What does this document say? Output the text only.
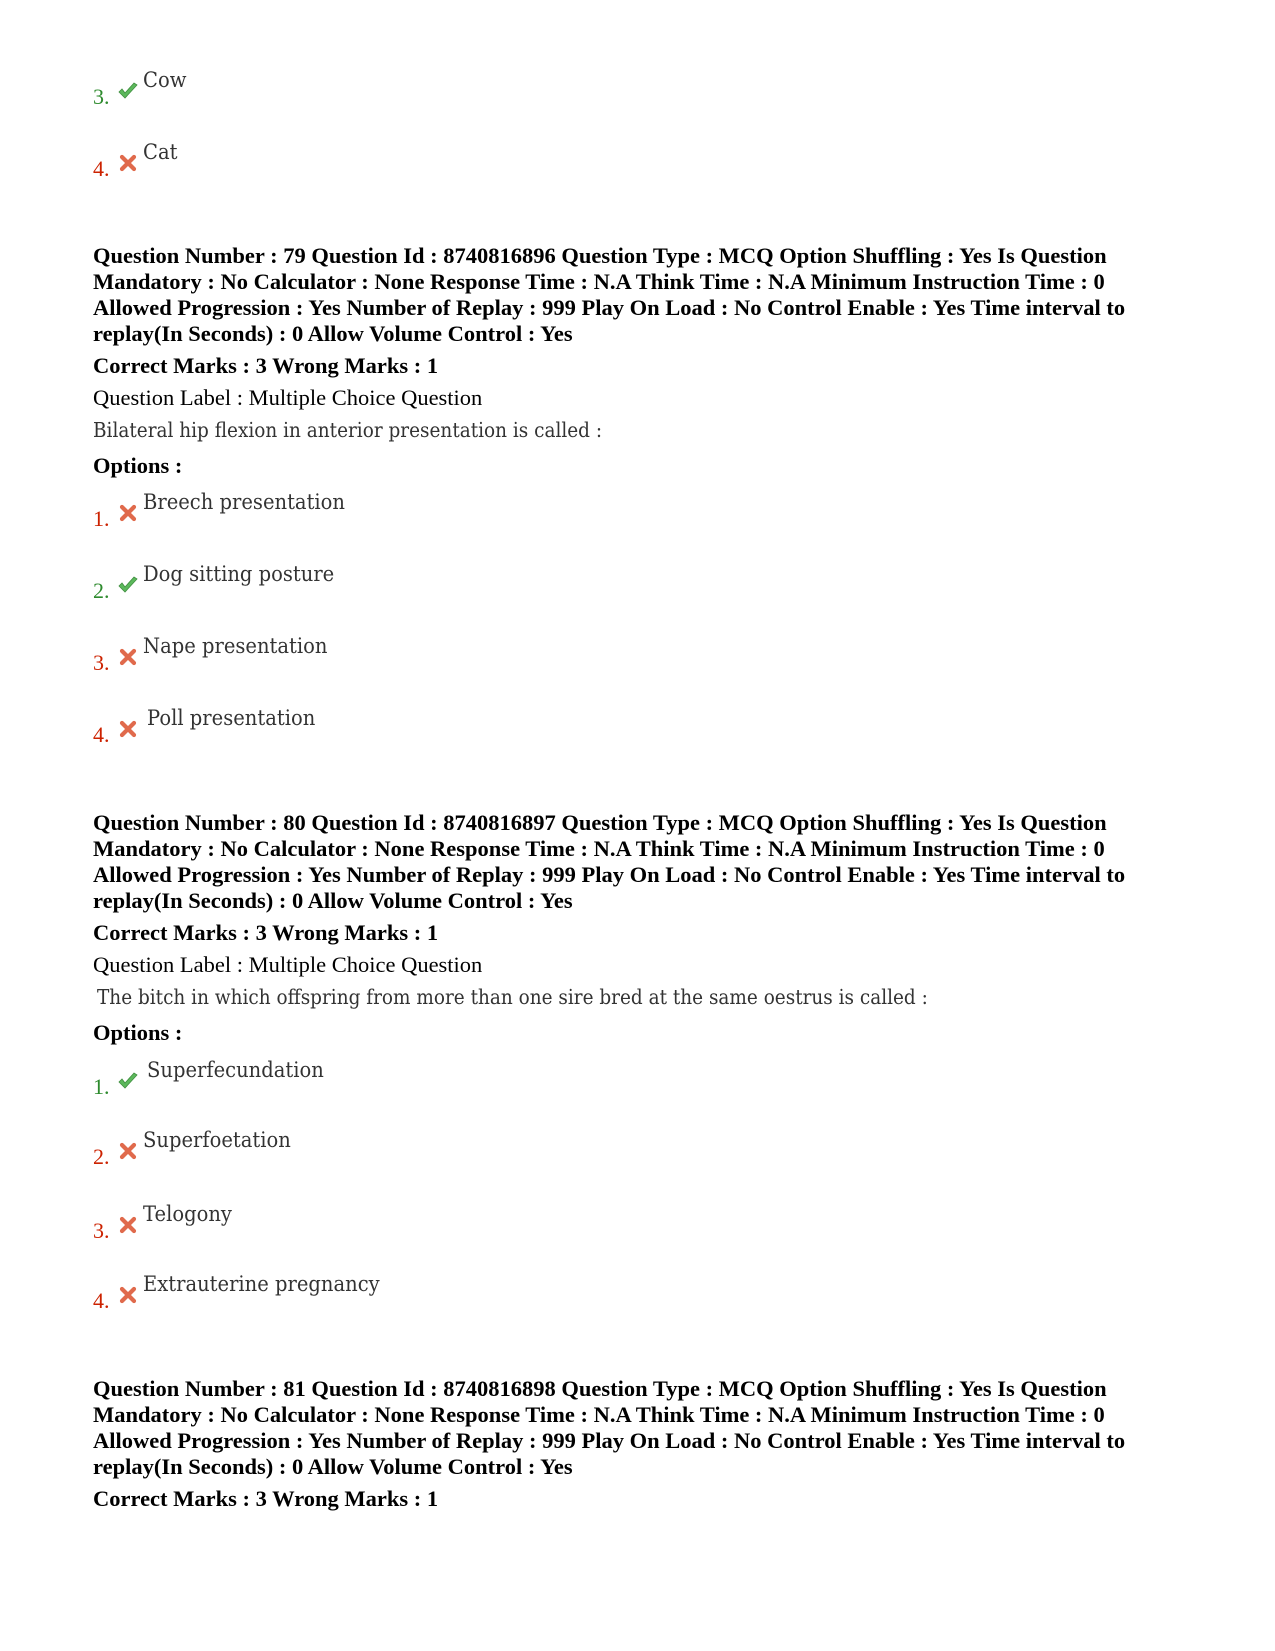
3.
Cow
4.
Cat

Question Number : 79 Question Id : 8740816896 Question Type : MCQ Option Shuffling : Yes Is Question Mandatory : No Calculator : None Response Time : N.A Think Time : N.A Minimum Instruction Time : 0 Allowed Progression : Yes Number of Replay : 999 Play On Load : No Control Enable : Yes Time interval to replay(In Seconds) : 0 Allow Volume Control : Yes

Correct Marks : 3 Wrong Marks : 1
Question Label : Multiple Choice Question
Bilateral hip flexion in anterior presentation is called :
Options :
1.
Breech presentation
2.
Dog sitting posture
3.
Nape presentation
4.
Poll presentation

Question Number : 80 Question Id : 8740816897 Question Type : MCQ Option Shuffling : Yes Is Question Mandatory : No Calculator : None Response Time : N.A Think Time : N.A Minimum Instruction Time : 0 Allowed Progression : Yes Number of Replay : 999 Play On Load : No Control Enable : Yes Time interval to replay(In Seconds) : 0 Allow Volume Control : Yes

Correct Marks : 3 Wrong Marks : 1
Question Label : Multiple Choice Question
The bitch in which offspring from more than one sire bred at the same oestrus is called :
Options :
1.
Superfecundation
2.
Superfoetation
3.
Telogony
4.
Extrauterine pregnancy

Question Number : 81 Question Id : 8740816898 Question Type : MCQ Option Shuffling : Yes Is Question Mandatory : No Calculator : None Response Time : N.A Think Time : N.A Minimum Instruction Time : 0 Allowed Progression : Yes Number of Replay : 999 Play On Load : No Control Enable : Yes Time interval to replay(In Seconds) : 0 Allow Volume Control : Yes

Correct Marks : 3 Wrong Marks : 1
